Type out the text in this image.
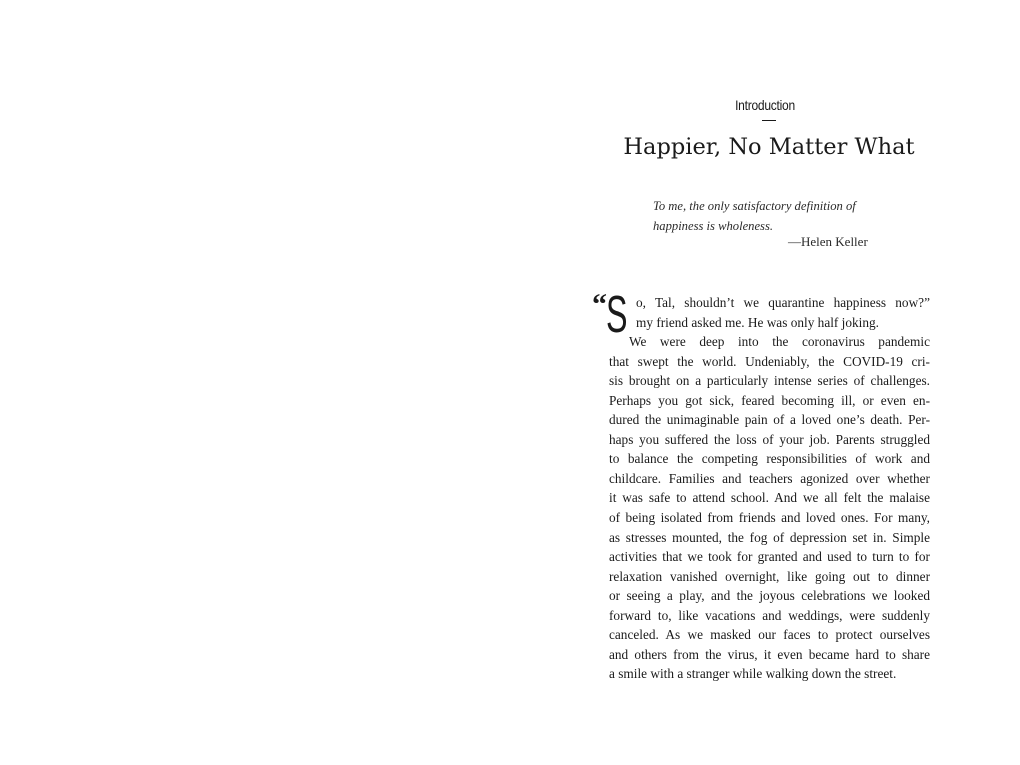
Introduction
Happier, No Matter What
To me, the only satisfactory definition of
happiness is wholeness.
—Helen Keller
“ S o, Tal, shouldn’t we quarantine happiness now?”
my friend asked me. He was only half joking.
We were deep into the coronavirus pandemic
that swept the world. Undeniably, the COVID-19 cri-
sis brought on a particularly intense series of challenges.
Perhaps you got sick, feared becoming ill, or even en-
dured the unimaginable pain of a loved one’s death. Per-
haps you suffered the loss of your job. Parents struggled
to balance the competing responsibilities of work and
childcare. Families and teachers agonized over whether
it was safe to attend school. And we all felt the malaise
of being isolated from friends and loved ones. For many,
as stresses mounted, the fog of depression set in. Simple
activities that we took for granted and used to turn to for
relaxation vanished overnight, like going out to dinner
or seeing a play, and the joyous celebrations we looked
forward to, like vacations and weddings, were suddenly
canceled. As we masked our faces to protect ourselves
and others from the virus, it even became hard to share
a smile with a stranger while walking down the street.
